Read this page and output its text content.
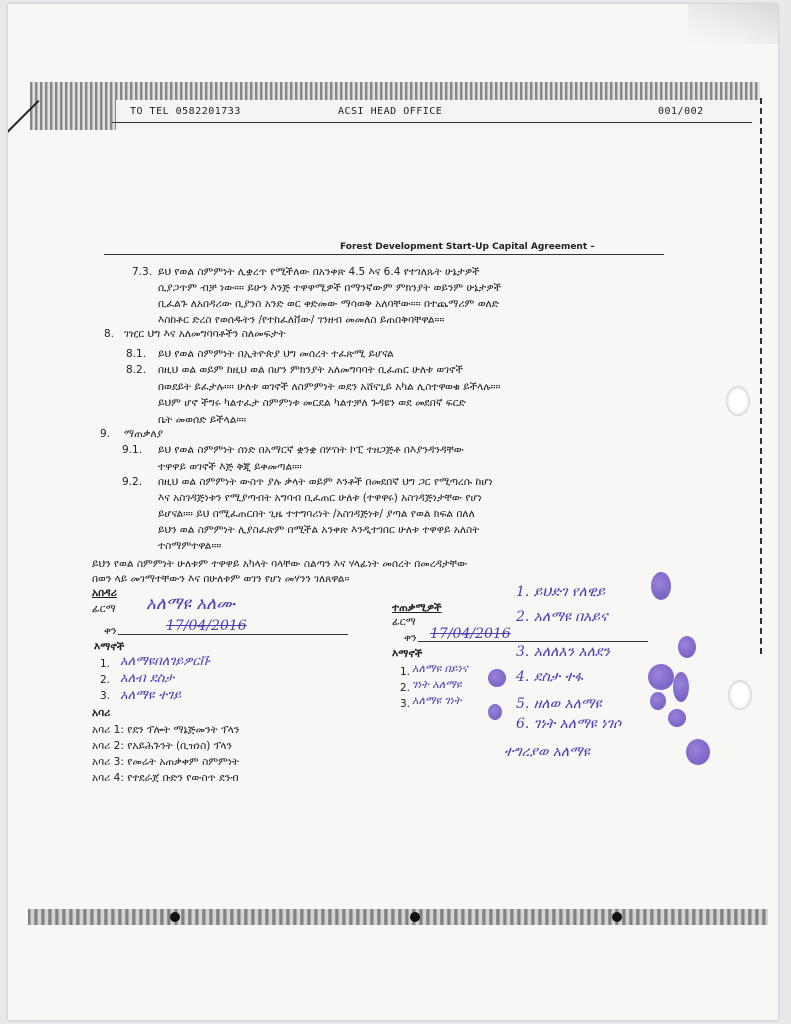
TO TEL 0582201733	ACSI HEAD OFFICE	001/002
Forest Development Start-Up Capital Agreement –
7.3. ይህ የወል ስምምነት ሊቋረጥ የሚችለው በአንቀጽ 4.5 እና 6.4 የተገለጹት ሁኔታዎች
ሲያጋጥም ብቻ ነው።። ይሁን እንጅ ተዋዋሚዎች በማንኛውም ምክንያት ወይንም ሁኔታዎች
ቢፈልጉ ለአበዳሪው ቢያንስ አንድ ወር ቀድመው ማሳወቅ አለባቸው።። በተጨማሪም ወለድ
እስከቶር ድረስ የወሰዱትን /የተከፈለቨው/ ገንዘብ መመለስ ይጠበቅባቸዋል።።
8. ገዢር ህግ እና አለመግባባቶችን ስለመፍታት
8.1. ይህ የወል ስምምነት በኢትዮጵያ ህግ መሰረት ተፈጽሚ ይሆናል
8.2. በዚህ ወል ወይም ከዚህ ወል በሆን ምክንያት አለመግባባት ቢፈጠር ሁለቱ ወገኖች
በወደይት ይፈታሉ።። ሁለቱ ወገኖች ለስምምነት ወደን አሸናጊይ አካል ሊስተዋወቁ ይችላሉ።።
ይህም ሆኖ ችግሩ ካልተፈታ ስምምነቱ መርደል ካልተቻለ ጉዳዩን ወደ መደበኛ ፍርድ
ቤት መወሰድ ይችላል።።
9. ማጠቃለያ
9.1. ይህ የወል ስምምነት ሰነድ በአማርኛ ቋንቋ በሦስት ኮፒ ተዘጋጅቶ በእያንዳንዳቸው
ተዋዋይ ወገኖች እጅ ቅጂ ይቀመጣል።።
9.2. በዚህ ወል ስምምነት ውስጥ ያሉ ቃላት ወይም እንቶች በመደበኛ ህግ ጋር የሚጣረሱ ከሆነ
እና አስገዳጅነቱን የሚያጣብት አግባብ ቢፈጠር ሁለቱ (ተዋዋሩ) አስገዳጅነታቸው የሆነ
ይሆናል።። ይህ በሚፈጠርበት ጊዜ ተተግባሪነት /አስገዳጅነቱ/ ያጣል የወል ክፍል በለለ
ይህን ወል ስምምነት ሊያስፈጽም በሚችል አንቀጽ እንዲተገበር ሁለቱ ተዋዋይ አለስት
ተስማምተዋል።።
ይህን የወል ስምምነት ሁለቱም ተዋዋይ አካላት ባላቸው ስልጣን እና ሃላፊነት መሰረት በመረዳታቸው
በወን ላይ መገማተቸውን እና በሁለቱም ወገን የሆነ መሃንን ገለጸዋል።
አበዳሪ
ፊርማ
ቀን
እማኖች
1.
2.
3.
ተጠቃሚዎች
ፊርማ
ቀን
እማኖች
1.
2.
3.
አባሪ
አባሪ 1: የደን ፕሎት ማኔጅመንት ፕላን
አባሪ 2: የአይሕጉንት (ቢዝነስ) ፕላን
አባሪ 3: የመሬት አጠቃቀም ስምምነት
አባሪ 4: የተደራጀ ቡድን የውስጥ ደንብ
አለማዩ አለሙ
17/04/2016
አለማዩበለገይዎርቩ
አለብ ደስታ
አለማዩ ተገይ
17/04/2016
አለማዩ በይነና
ገነት አለማዩ
አለማዩ ገነት
1. ይህድገ የለዊይ
2. አለማዩ በአይና
3. አለለእን አለደን
4. ደስታ ተፋ
5. ዘለወ አለማዩ
6. ገነት አለማዩ ነገሶ
ተግረያወ አለማዩ
